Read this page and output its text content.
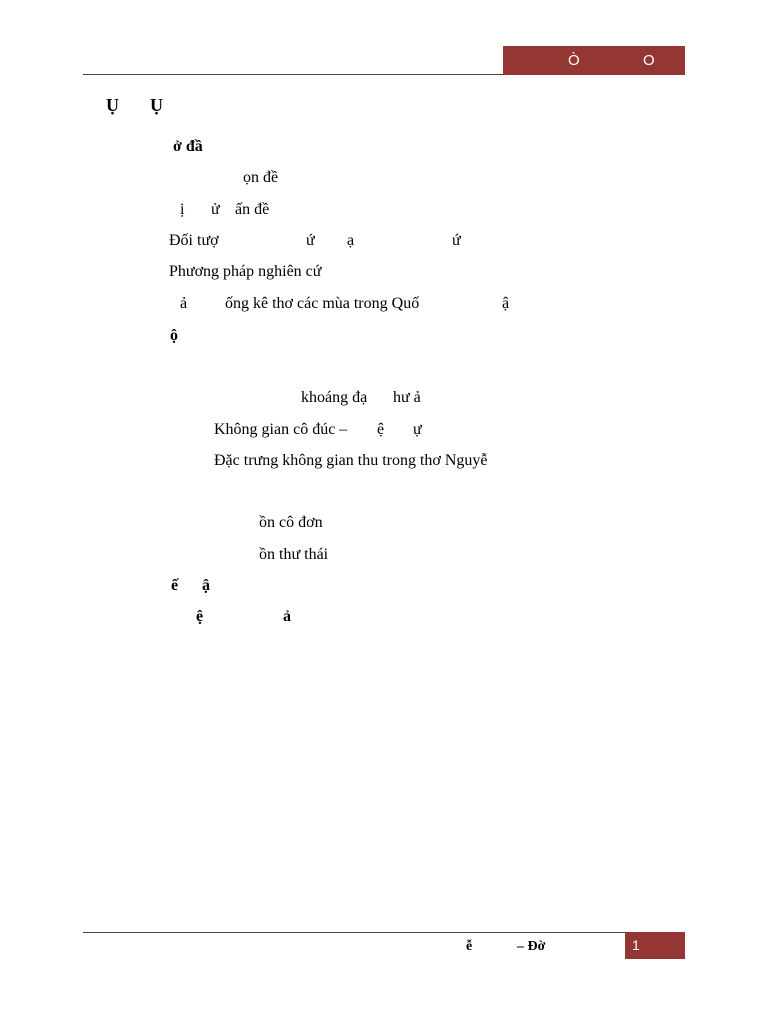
Ò	O
Ụ Ụ
ở đầ
ọn đề
ị ử ấn đề
Đối tượ	ứ ạ	ứ
Phương pháp nghiên cứ
ả ống kê thơ các mùa trong Quố	ậ
ộ
khoáng đạ hư ả
Không gian cô đúc – ệ ự
Đặc trưng không gian thu trong thơ Nguyễ
ồn cô đơn
ồn thư thái
ế ậ
ệ	ả
ễ	– Đờ	1
